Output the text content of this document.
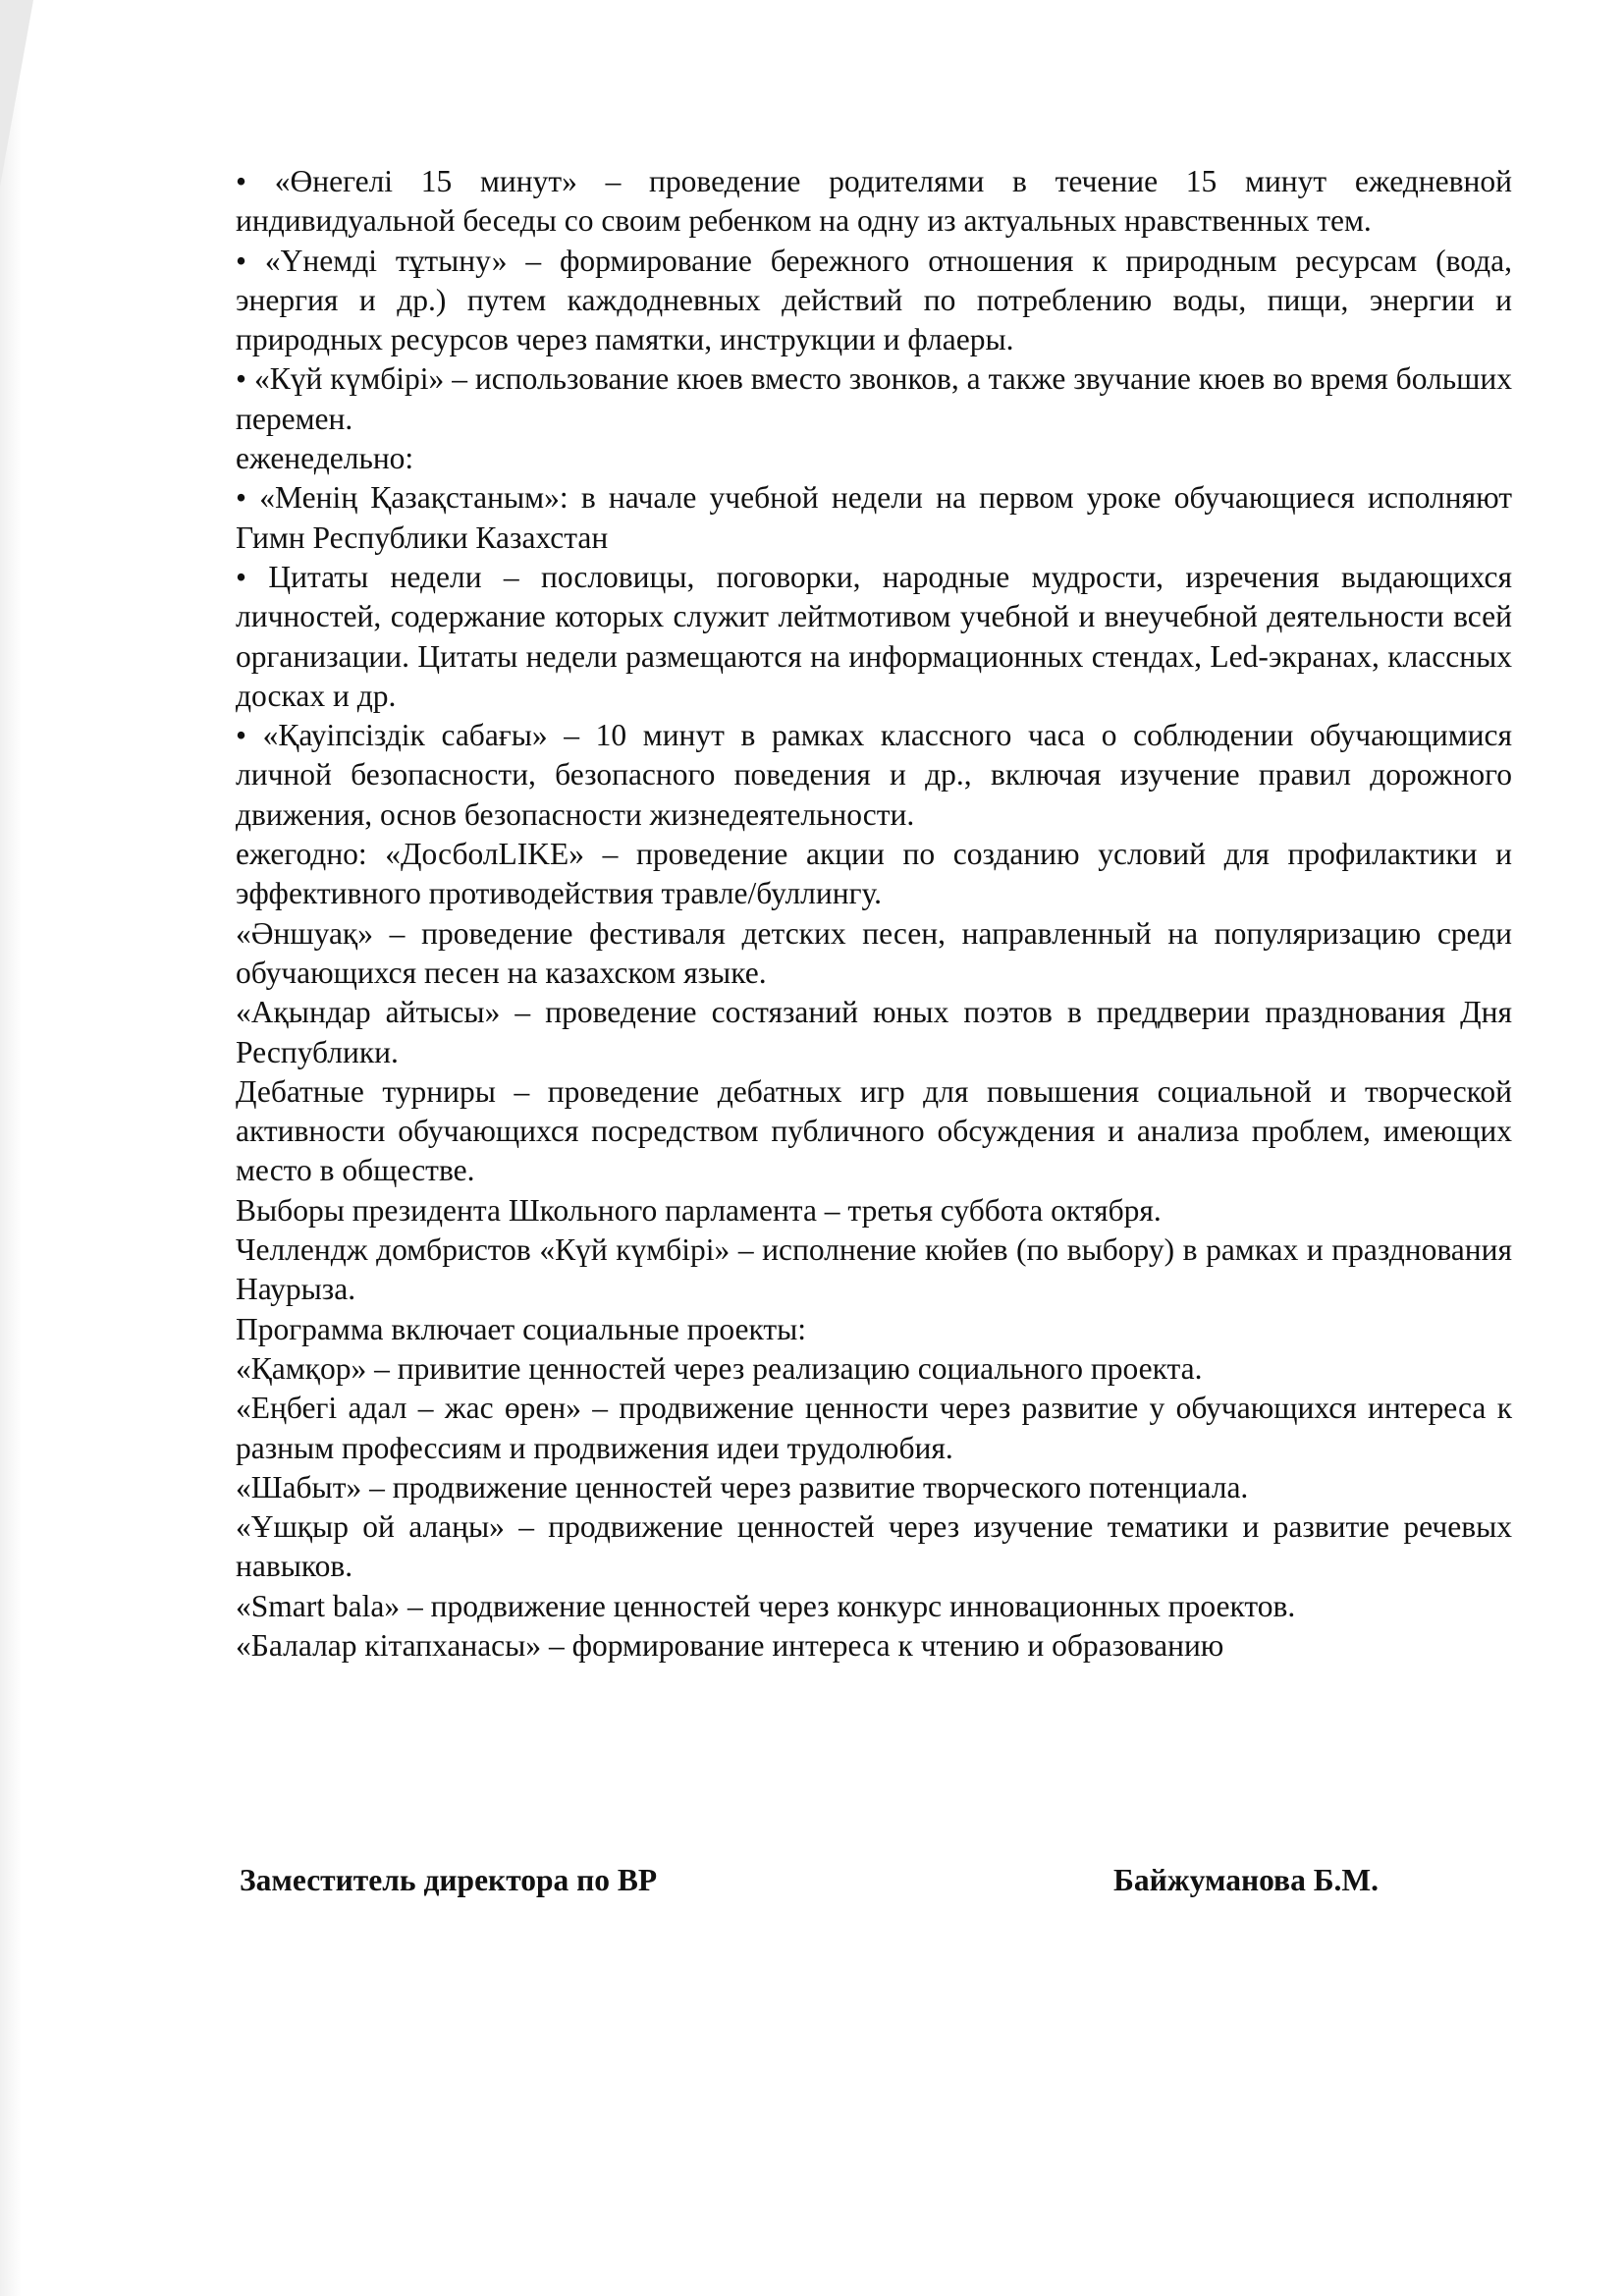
• «Өнегелі 15 минут» – проведение родителями в течение 15 минут ежедневной индивидуальной беседы со своим ребенком на одну из актуальных нравственных тем.

• «Үнемді тұтыну» – формирование бережного отношения к природным ресурсам (вода, энергия и др.) путем каждодневных действий по потреблению воды, пищи, энергии и природных ресурсов через памятки, инструкции и флаеры.

• «Күй күмбірі» – использование кюев вместо звонков, а также звучание кюев во время больших перемен.

еженедельно:

• «Менің Қазақстаным»: в начале учебной недели на первом уроке обучающиеся исполняют Гимн Республики Казахстан

• Цитаты недели – пословицы, поговорки, народные мудрости, изречения выдающихся личностей, содержание которых служит лейтмотивом учебной и внеучебной деятельности всей организации. Цитаты недели размещаются на информационных стендах, Led-экранах, классных досках и др.

• «Қауіпсіздік сабағы» – 10 минут в рамках классного часа о соблюдении обучающимися личной безопасности, безопасного поведения и др., включая изучение правил дорожного движения, основ безопасности жизнедеятельности.

ежегодно: «ДосболLIKE» – проведение акции по созданию условий для профилактики и эффективного противодействия травле/буллингу.

«Әншуақ» – проведение фестиваля детских песен, направленный на популяризацию среди обучающихся песен на казахском языке.

«Ақындар айтысы» – проведение состязаний юных поэтов в преддверии празднования Дня Республики.

Дебатные турниры – проведение дебатных игр для повышения социальной и творческой активности обучающихся посредством публичного обсуждения и анализа проблем, имеющих место в обществе.

Выборы президента Школьного парламента – третья суббота октября.

Челлендж домбристов «Күй күмбірі» – исполнение кюйев (по выбору) в рамках и празднования Наурыза.

Программа включает социальные проекты:

«Қамқор» – привитие ценностей через реализацию социального проекта.

«Еңбегі адал – жас өрен» – продвижение ценности через развитие у обучающихся интереса к разным профессиям и продвижения идеи трудолюбия.

«Шабыт» – продвижение ценностей через развитие творческого потенциала.

«Ұшқыр ой алаңы» – продвижение ценностей через изучение тематики и развитие речевых навыков.

«Smart bala» – продвижение ценностей через конкурс инновационных проектов.

«Балалар кітапханасы» – формирование интереса к чтению и образованию

Заместитель директора по ВР	Байжуманова Б.М.
